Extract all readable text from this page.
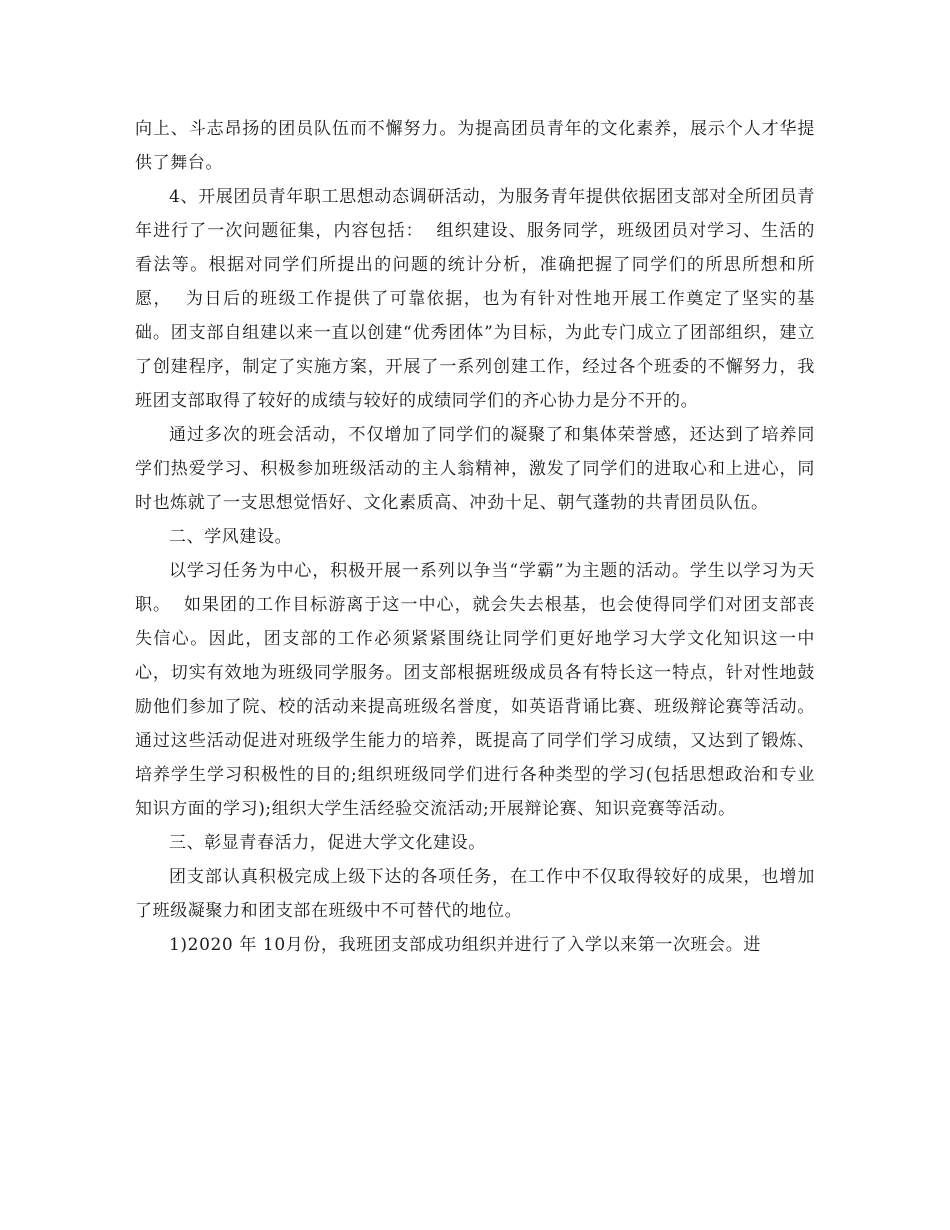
向上、斗志昂扬的团员队伍而不懈努力。为提高团员青年的文化素养，展示个人才华提供了舞台。

4、开展团员青年职工思想动态调研活动，为服务青年提供依据团支部对全所团员青年进行了一次问题征集，内容包括：  组织建设、服务同学，班级团员对学习、生活的看法等。根据对同学们所提出的问题的统计分析，准确把握了同学们的所思所想和所愿，  为日后的班级工作提供了可靠依据，也为有针对性地开展工作奠定了坚实的基础。团支部自组建以来一直以创建“优秀团体”为目标，为此专门成立了团部组织，建立了创建程序，制定了实施方案，开展了一系列创建工作，经过各个班委的不懈努力，我班团支部取得了较好的成绩与较好的成绩同学们的齐心协力是分不开的。

通过多次的班会活动，不仅增加了同学们的凝聚了和集体荣誉感，还达到了培养同学们热爱学习、积极参加班级活动的主人翁精神，激发了同学们的进取心和上进心，同时也炼就了一支思想觉悟好、文化素质高、冲劲十足、朝气蓬勃的共青团员队伍。

二、学风建设。

以学习任务为中心，积极开展一系列以争当“学霸”为主题的活动。学生以学习为天职。  如果团的工作目标游离于这一中心，就会失去根基，也会使得同学们对团支部丧失信心。因此，团支部的工作必须紧紧围绕让同学们更好地学习大学文化知识这一中心，切实有效地为班级同学服务。团支部根据班级成员各有特长这一特点，针对性地鼓励他们参加了院、校的活动来提高班级名誉度，如英语背诵比赛、班级辩论赛等活动。通过这些活动促进对班级学生能力的培养，既提高了同学们学习成绩，又达到了锻炼、培养学生学习积极性的目的;组织班级同学们进行各种类型的学习(包括思想政治和专业知识方面的学习);组织大学生活经验交流活动;开展辩论赛、知识竞赛等活动。

三、彰显青春活力，促进大学文化建设。

团支部认真积极完成上级下达的各项任务，在工作中不仅取得较好的成果，也增加了班级凝聚力和团支部在班级中不可替代的地位。

1)2020 年 10月份，我班团支部成功组织并进行了入学以来第一次班会。进
